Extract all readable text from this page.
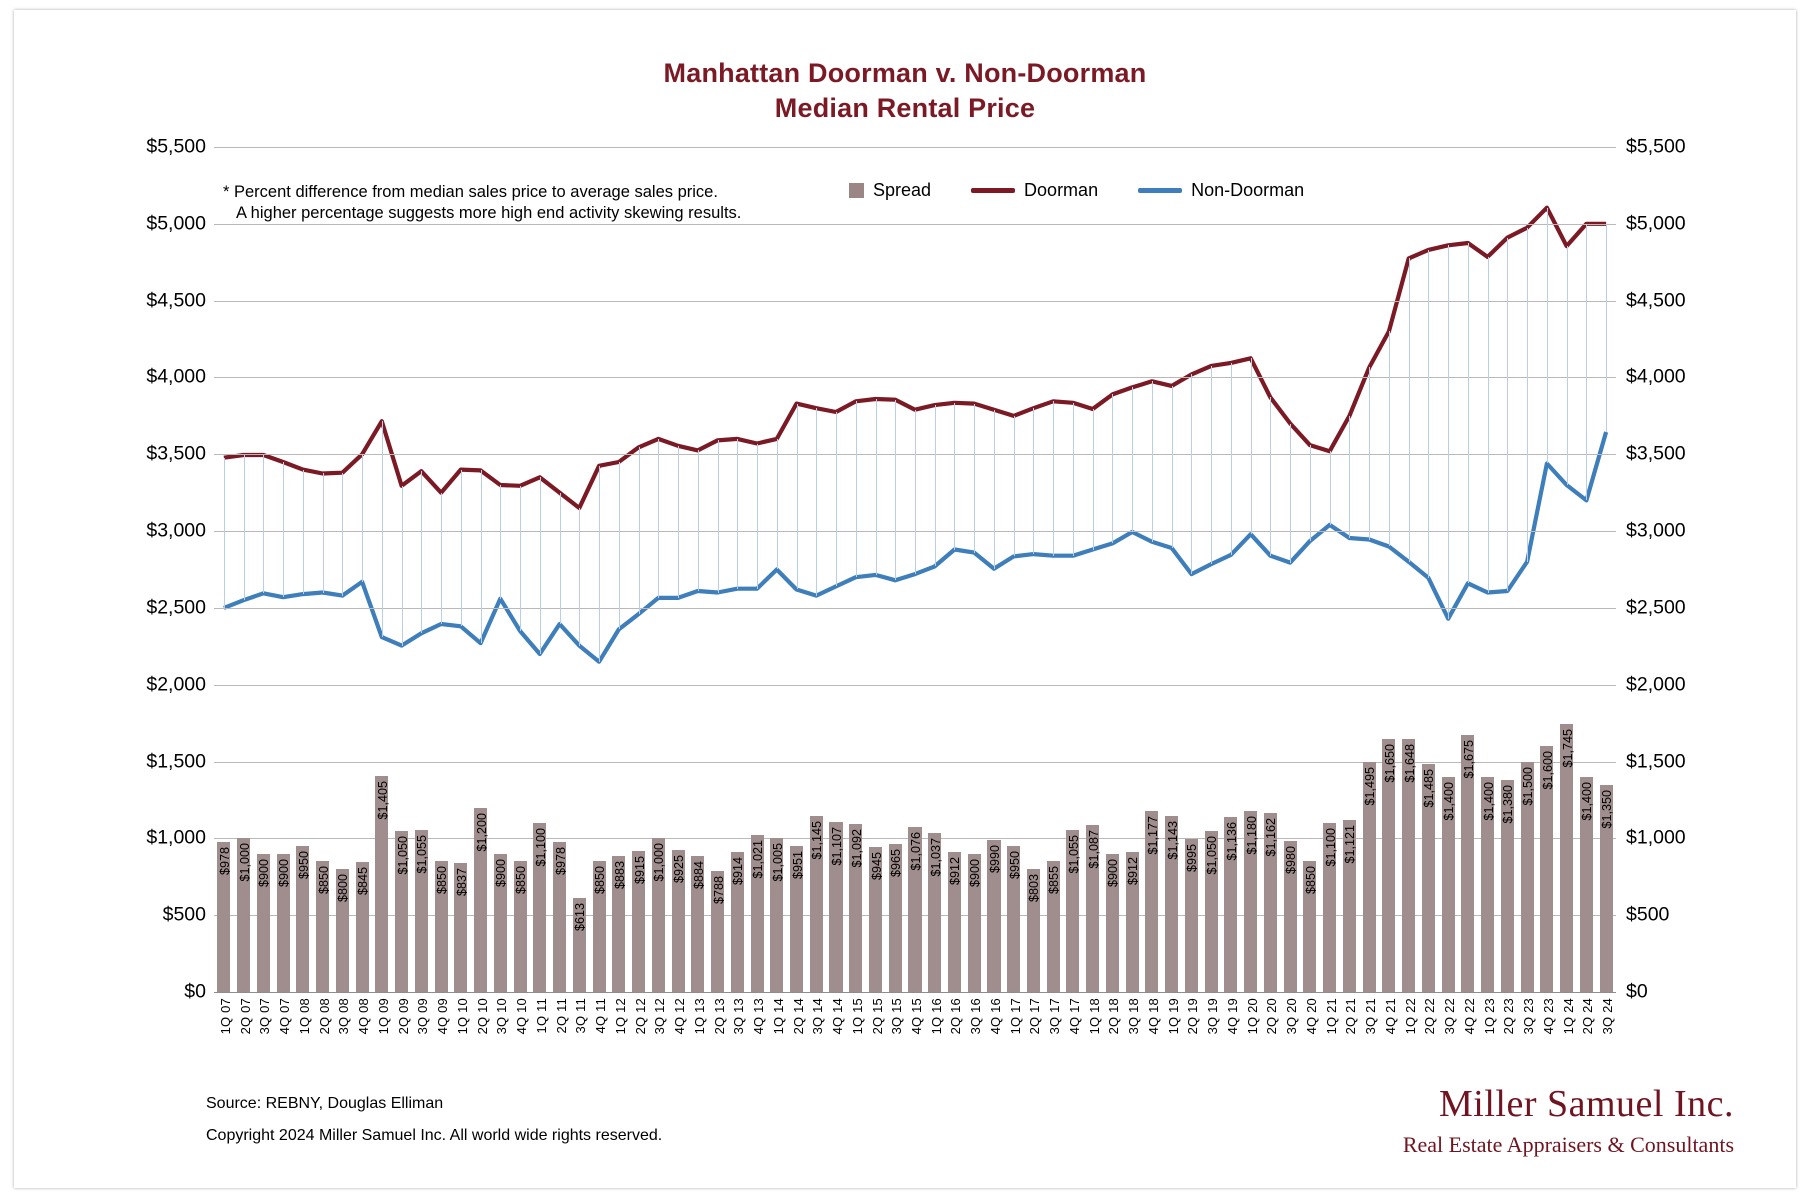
Manhattan Doorman v. Non-Doorman
Median Rental Price
$5,500
$5,000
$4,500
$4,000
$3,500
$3,000
$2,500
$2,000
$1,500
$1,000
$500
$0
$5,500
$5,000
$4,500
$4,000
$3,500
$3,000
$2,500
$2,000
$1,500
$1,000
$500
$0
$978 $1,000 $900 $900 $950
$850 $800 $845
$1,405
$1,050 $1,055
$850 $837
$1,200
$900 $850
$1,100 $978
$613
$850 $883 $915 $1,000 $925 $884
$788
$914 $1,021 $1,005 $951
$1,145 $1,107 $1,092 $945 $965 $1,076 $1,037 $912 $900 $990 $950
$803 $855
$1,055 $1,087
$900 $912
$1,177 $1,143 $995 $1,050 $1,136 $1,180 $1,162
$980
$850
$1,100 $1,121
$1,495
$1,650 $1,648
$1,485 $1,400
$1,675
$1,400 $1,380 $1,500 $1,600
$1,745
$1,400 $1,350
* Percent difference from median sales price to average sales price.
A higher percentage suggests more high end activity skewing results.
Spread	Doorman	Non-Doorman
1Q 07 2Q 07 3Q 07 4Q 07 1Q 08 2Q 08 3Q 08 4Q 08 1Q 09 2Q 09 3Q 09 4Q 09 1Q 10 2Q 10 3Q 10 4Q 10 1Q 11 2Q 11 3Q 11 4Q 11 1Q 12 2Q 12 3Q 12 4Q 12 1Q 13 2Q 13 3Q 13 4Q 13 1Q 14 2Q 14 3Q 14 4Q 14 1Q 15 2Q 15 3Q 15 4Q 15 1Q 16 2Q 16 3Q 16 4Q 16 1Q 17 2Q 17 3Q 17 4Q 17 1Q 18 2Q 18 3Q 18 4Q 18 1Q 19 2Q 19 3Q 19 4Q 19 1Q 20 2Q 20 3Q 20 4Q 20 1Q 21 2Q 21 3Q 21 4Q 21 1Q 22 2Q 22 3Q 22 4Q 22 1Q 23 2Q 23 3Q 23 4Q 23 1Q 24 2Q 24 3Q 24
Source: REBNY, Douglas Elliman
Copyright 2024 Miller Samuel Inc. All world wide rights reserved.
Miller Samuel Inc.
Real Estate Appraisers & Consultants
